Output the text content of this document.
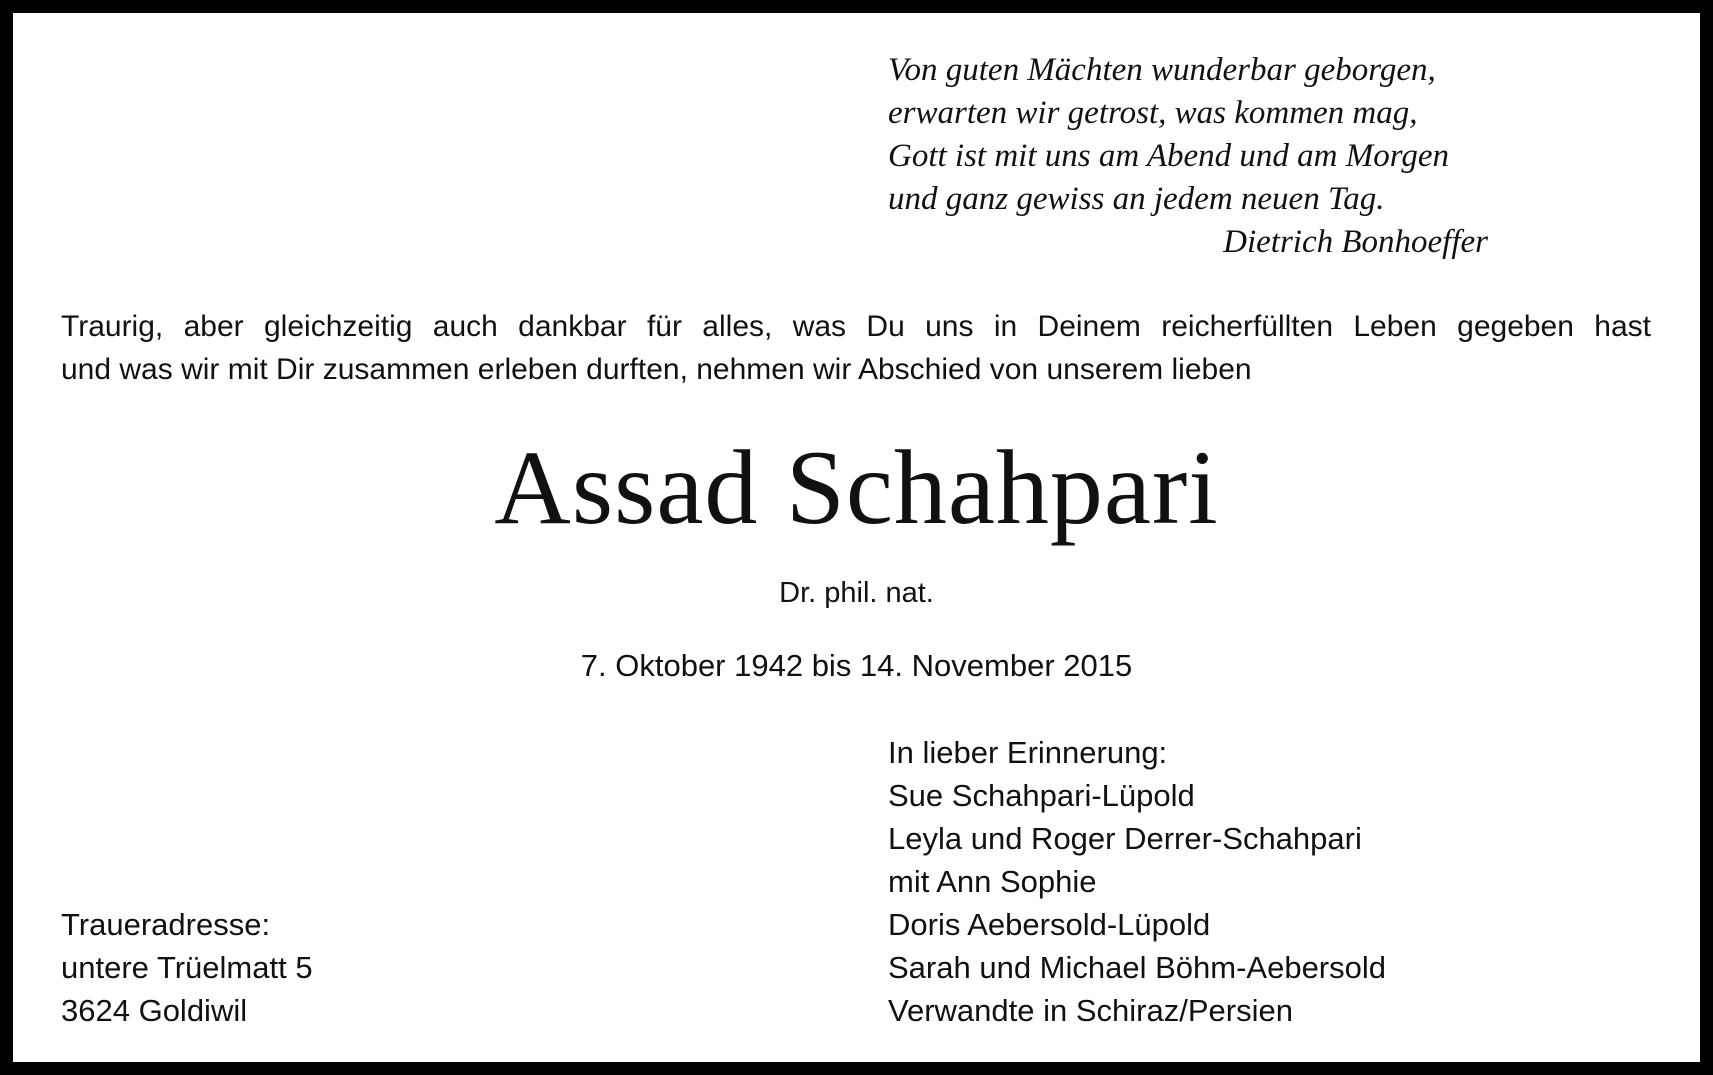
Von guten Mächten wunderbar geborgen,
erwarten wir getrost, was kommen mag,
Gott ist mit uns am Abend und am Morgen
und ganz gewiss an jedem neuen Tag.
Dietrich Bonhoeffer
Traurig, aber gleichzeitig auch dankbar für alles, was Du uns in Deinem reicherfüllten Leben gegeben hast
und was wir mit Dir zusammen erleben durften, nehmen wir Abschied von unserem lieben
Assad Schahpari
Dr. phil. nat.
7. Oktober 1942 bis 14. November 2015
In lieber Erinnerung:
Sue Schahpari-Lüpold
Leyla und Roger Derrer-Schahpari
mit Ann Sophie
Doris Aebersold-Lüpold
Sarah und Michael Böhm-Aebersold
Verwandte in Schiraz/Persien
Traueradresse:
untere Trüelmatt 5
3624 Goldiwil
